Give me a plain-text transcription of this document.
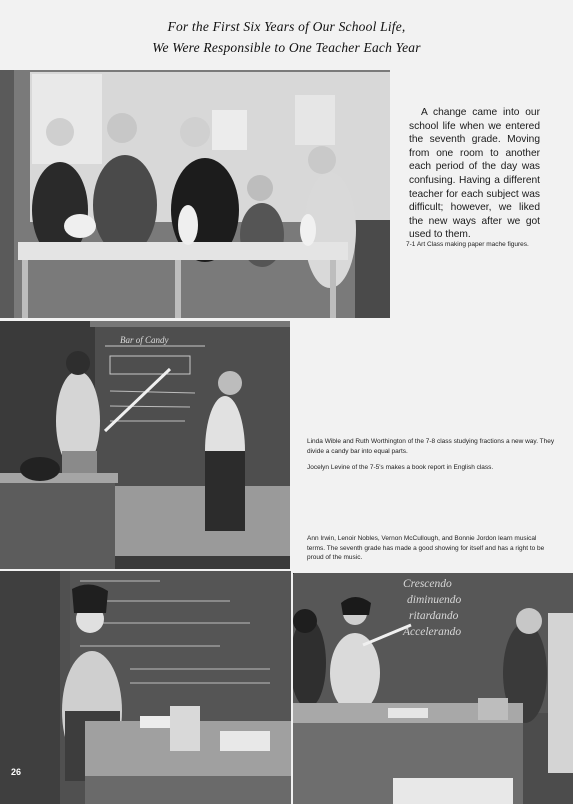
For the First Six Years of Our School Life,
We Were Responsible to One Teacher Each Year
A change came into our school life when we entered the seventh grade. Moving from one room to another each period of the day was confusing. Having a different teacher for each subject was difficult; however, we liked the new ways after we got used to them.
7-1 Art Class making paper mache figures.
Bar of Candy
Linda Wible and Ruth Worthington of the 7-8 class studying fractions a new way. They divide a candy bar into equal parts.
Jocelyn Levine of the 7-5's makes a book report in English class.
Ann Irwin, Lenoir Nobles, Vernon McCullough, and Bonnie Jordon learn musical terms. The seventh grade has made a good showing for itself and has a right to be proud of the music.
26
Crescendo
diminuendo
ritardando
Accelerando
